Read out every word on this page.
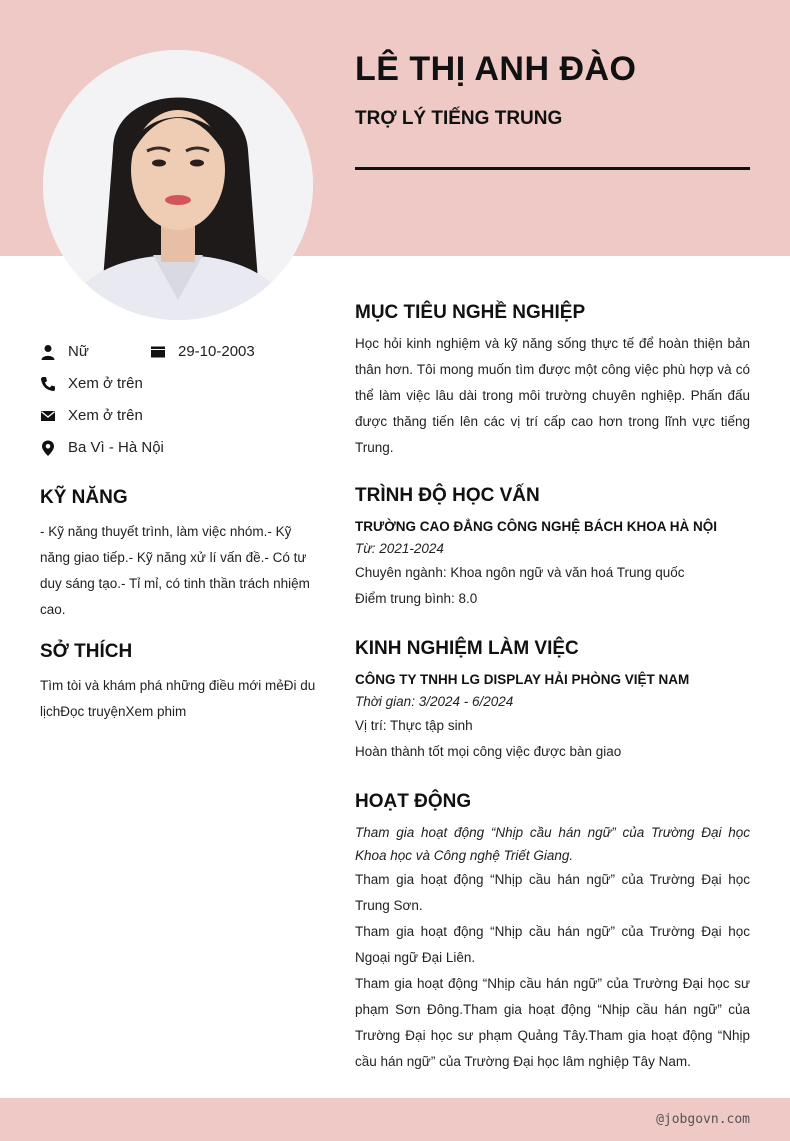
LÊ THỊ ANH ĐÀO
TRỢ LÝ TIẾNG TRUNG
Nữ	29-10-2003
Xem ở trên
Xem ở trên
Ba Vì - Hà Nội
KỸ NĂNG

- Kỹ năng thuyết trình, làm việc nhóm.- Kỹ năng giao tiếp.- Kỹ năng xử lí vấn đề.- Có tư duy sáng tạo.- Tỉ mỉ, có tinh thần trách nhiệm cao.

SỞ THÍCH

Tìm tòi và khám phá những điều mới mẻĐi du lịchĐọc truyệnXem phim

MỤC TIÊU NGHỀ NGHIỆP

Học hỏi kinh nghiệm và kỹ năng sống thực tế để hoàn thiện bản thân hơn. Tôi mong muốn tìm được một công việc phù hợp và có thể làm việc lâu dài trong môi trường chuyên nghiệp. Phấn đấu được thăng tiến lên các vị trí cấp cao hơn trong lĩnh vực tiếng Trung.

TRÌNH ĐỘ HỌC VẤN

TRƯỜNG CAO ĐẲNG CÔNG NGHỆ BÁCH KHOA HÀ NỘI

Từ: 2021-2024

Chuyên ngành: Khoa ngôn ngữ và văn hoá Trung quốc

Điểm trung bình: 8.0

KINH NGHIỆM LÀM VIỆC

CÔNG TY TNHH LG DISPLAY HẢI PHÒNG VIỆT NAM

Thời gian: 3/2024 - 6/2024

Vị trí: Thực tập sinh

Hoàn thành tốt mọi công việc được bàn giao

HOẠT ĐỘNG

Tham gia hoạt động “Nhịp cầu hán ngữ” của Trường Đại học Khoa học và Công nghệ Triết Giang.

Tham gia hoạt động “Nhịp cầu hán ngữ” của Trường Đại học Trung Sơn.

Tham gia hoạt động “Nhịp cầu hán ngữ” của Trường Đại học Ngoại ngữ Đại Liên.

Tham gia hoạt động “Nhịp cầu hán ngữ” của Trường Đại học sư phạm Sơn Đông.Tham gia hoạt động “Nhịp cầu hán ngữ” của Trường Đại học sư phạm Quảng Tây.Tham gia hoạt động “Nhịp cầu hán ngữ” của Trường Đại học lâm nghiệp Tây Nam.

@jobgovn.com
